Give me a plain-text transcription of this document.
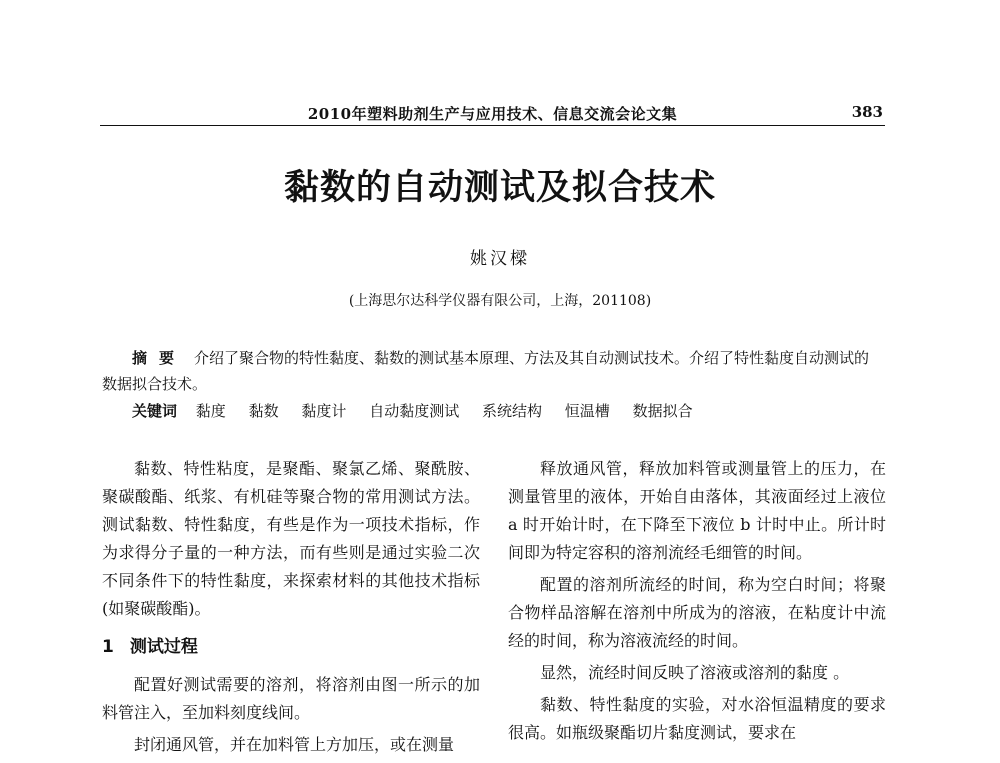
2010年塑料助剂生产与应用技术、信息交流会论文集	383
黏数的自动测试及拟合技术
姚汉樑
(上海思尔达科学仪器有限公司，上海，201108)
摘要 介绍了聚合物的特性黏度、黏数的测试基本原理、方法及其自动测试技术。介绍了特性黏度自动测试的数据拟合技术。
关键词 黏度 黏数 黏度计 自动黏度测试 系统结构 恒温槽 数据拟合

黏数、特性粘度，是聚酯、聚氯乙烯、聚酰胺、聚碳酸酯、纸浆、有机硅等聚合物的常用测试方法。测试黏数、特性黏度，有些是作为一项技术指标，作为求得分子量的一种方法，而有些则是通过实验二次不同条件下的特性黏度，来探索材料的其他技术指标(如聚碳酸酯)。

1 测试过程

配置好测试需要的溶剂，将溶剂由图一所示的加料管注入，至加料刻度线间。

封闭通风管，并在加料管上方加压，或在测量

释放通风管，释放加料管或测量管上的压力，在测量管里的液体，开始自由落体，其液面经过上液位 a 时开始计时，在下降至下液位 b 计时中止。所计时间即为特定容积的溶剂流经毛细管的时间。

配置的溶剂所流经的时间，称为空白时间；将聚合物样品溶解在溶剂中所成为的溶液，在粘度计中流经的时间，称为溶液流经的时间。

显然，流经时间反映了溶液或溶剂的黏度 。

黏数、特性黏度的实验，对水浴恒温精度的要求很高。如瓶级聚酯切片黏度测试，要求在
